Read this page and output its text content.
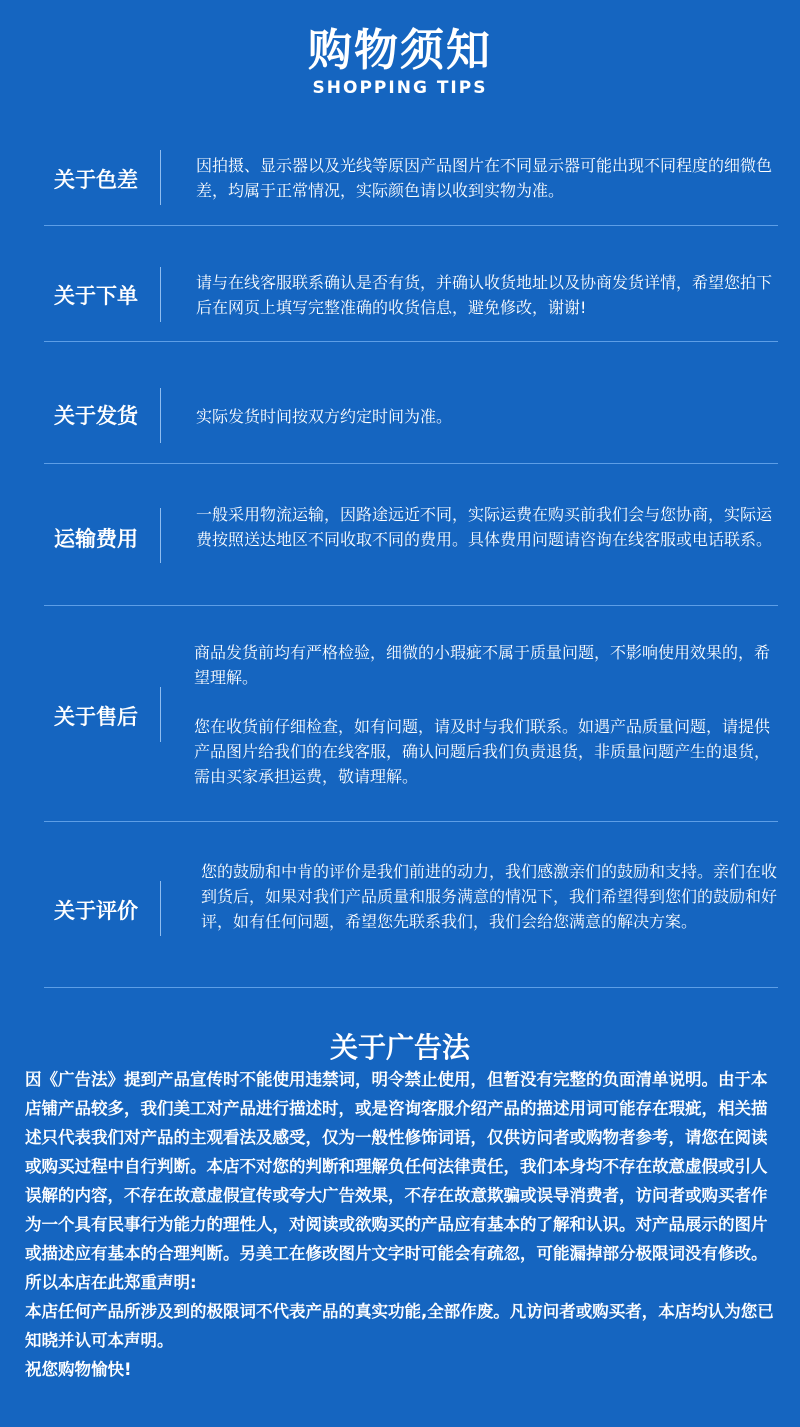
购物须知
SHOPPING TIPS
关于色差

因拍摄、显示器以及光线等原因产品图片在不同显示器可能出现不同程度的细微色差，均属于正常情况，实际颜色请以收到实物为准。

关于下单

请与在线客服联系确认是否有货，并确认收货地址以及协商发货详情，希望您拍下后在网页上填写完整准确的收货信息，避免修改，谢谢!

关于发货	实际发货时间按双方约定时间为准。

运输费用

一般采用物流运输，因路途远近不同，实际运费在购买前我们会与您协商，实际运费按照送达地区不同收取不同的费用。具体费用问题请咨询在线客服或电话联系。

关于售后

商品发货前均有严格检验，细微的小瑕疵不属于质量问题，不影响使用效果的，希望理解。

您在收货前仔细检查，如有问题，请及时与我们联系。如遇产品质量问题，请提供产品图片给我们的在线客服，确认问题后我们负责退货，非质量问题产生的退货，需由买家承担运费，敬请理解。

关于评价

您的鼓励和中肯的评价是我们前进的动力，我们感激亲们的鼓励和支持。亲们在收到货后，如果对我们产品质量和服务满意的情况下，我们希望得到您们的鼓励和好评，如有任何问题，希望您先联系我们，我们会给您满意的解决方案。

关于广告法

因《广告法》提到产品宣传时不能使用违禁词，明令禁止使用，但暂没有完整的负面清单说明。由于本店铺产品较多，我们美工对产品进行描述时，或是咨询客服介绍产品的描述用词可能存在瑕疵，相关描述只代表我们对产品的主观看法及感受，仅为一般性修饰词语，仅供访问者或购物者参考，请您在阅读或购买过程中自行判断。本店不对您的判断和理解负任何法律责任，我们本身均不存在故意虚假或引人误解的内容，不存在故意虚假宣传或夸大广告效果，不存在故意欺骗或误导消费者，访问者或购买者作为一个具有民事行为能力的理性人，对阅读或欲购买的产品应有基本的了解和认识。对产品展示的图片或描述应有基本的合理判断。另美工在修改图片文字时可能会有疏忽，可能漏掉部分极限词没有修改。

所以本店在此郑重声明:

本店任何产品所涉及到的极限词不代表产品的真实功能,全部作废。凡访问者或购买者，本店均认为您已知晓并认可本声明。

祝您购物愉快!
